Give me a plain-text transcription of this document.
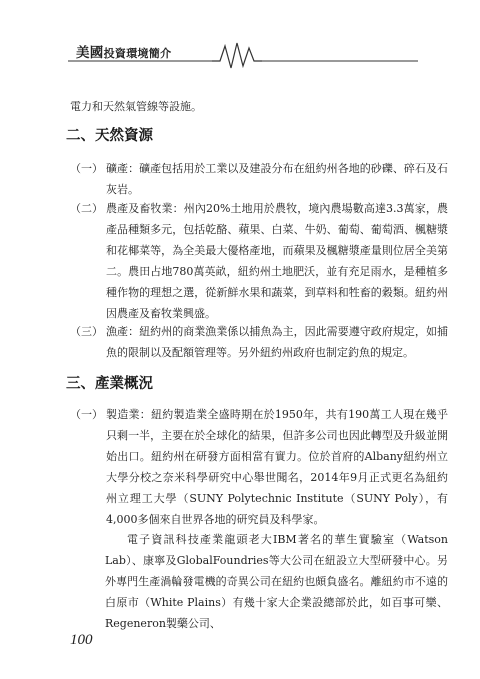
美國投資環境簡介
電力和天然氣管線等設施。
二、天然資源
（一） 礦產：礦產包括用於工業以及建設分布在紐約州各地的砂礫、碎石及石灰岩。
（二） 農產及畜牧業：州內20%土地用於農牧，境內農場數高達3.3萬家，農產品種類多元，包括乾酪、蘋果、白菜、牛奶、葡萄、葡萄酒、楓糖漿和花椰菜等，為全美最大優格產地，而蘋果及楓糖漿產量則位居全美第二。農田占地780萬英畝，紐約州土地肥沃，並有充足雨水，是種植多種作物的理想之選，從新鮮水果和蔬菜，到草料和牲畜的穀類。紐約州因農產及畜牧業興盛。
（三） 漁產：紐約州的商業漁業係以捕魚為主，因此需要遵守政府規定，如捕魚的限制以及配額管理等。另外紐約州政府也制定釣魚的規定。
三、產業概況
（一） 製造業：紐約製造業全盛時期在於1950年，共有190萬工人現在幾乎只剩一半，主要在於全球化的結果，但許多公司也因此轉型及升級並開始出口。紐約州在研發方面相當有實力。位於首府的Albany紐約州立大學分校之奈米科學研究中心舉世聞名，2014年9月正式更名為紐約州立理工大學（SUNY Polytechnic Institute（SUNY Poly），有4,000多個來自世界各地的研究員及科學家。
電子資訊科技產業龍頭老大IBM著名的華生實驗室（Watson Lab）、康寧及GlobalFoundries等大公司在紐設立大型研發中心。另外專門生產渦輪發電機的奇異公司在紐約也頗負盛名。離紐約市不遠的白原市（White Plains）有幾十家大企業設總部於此，如百事可樂、Regeneron製藥公司、
100
